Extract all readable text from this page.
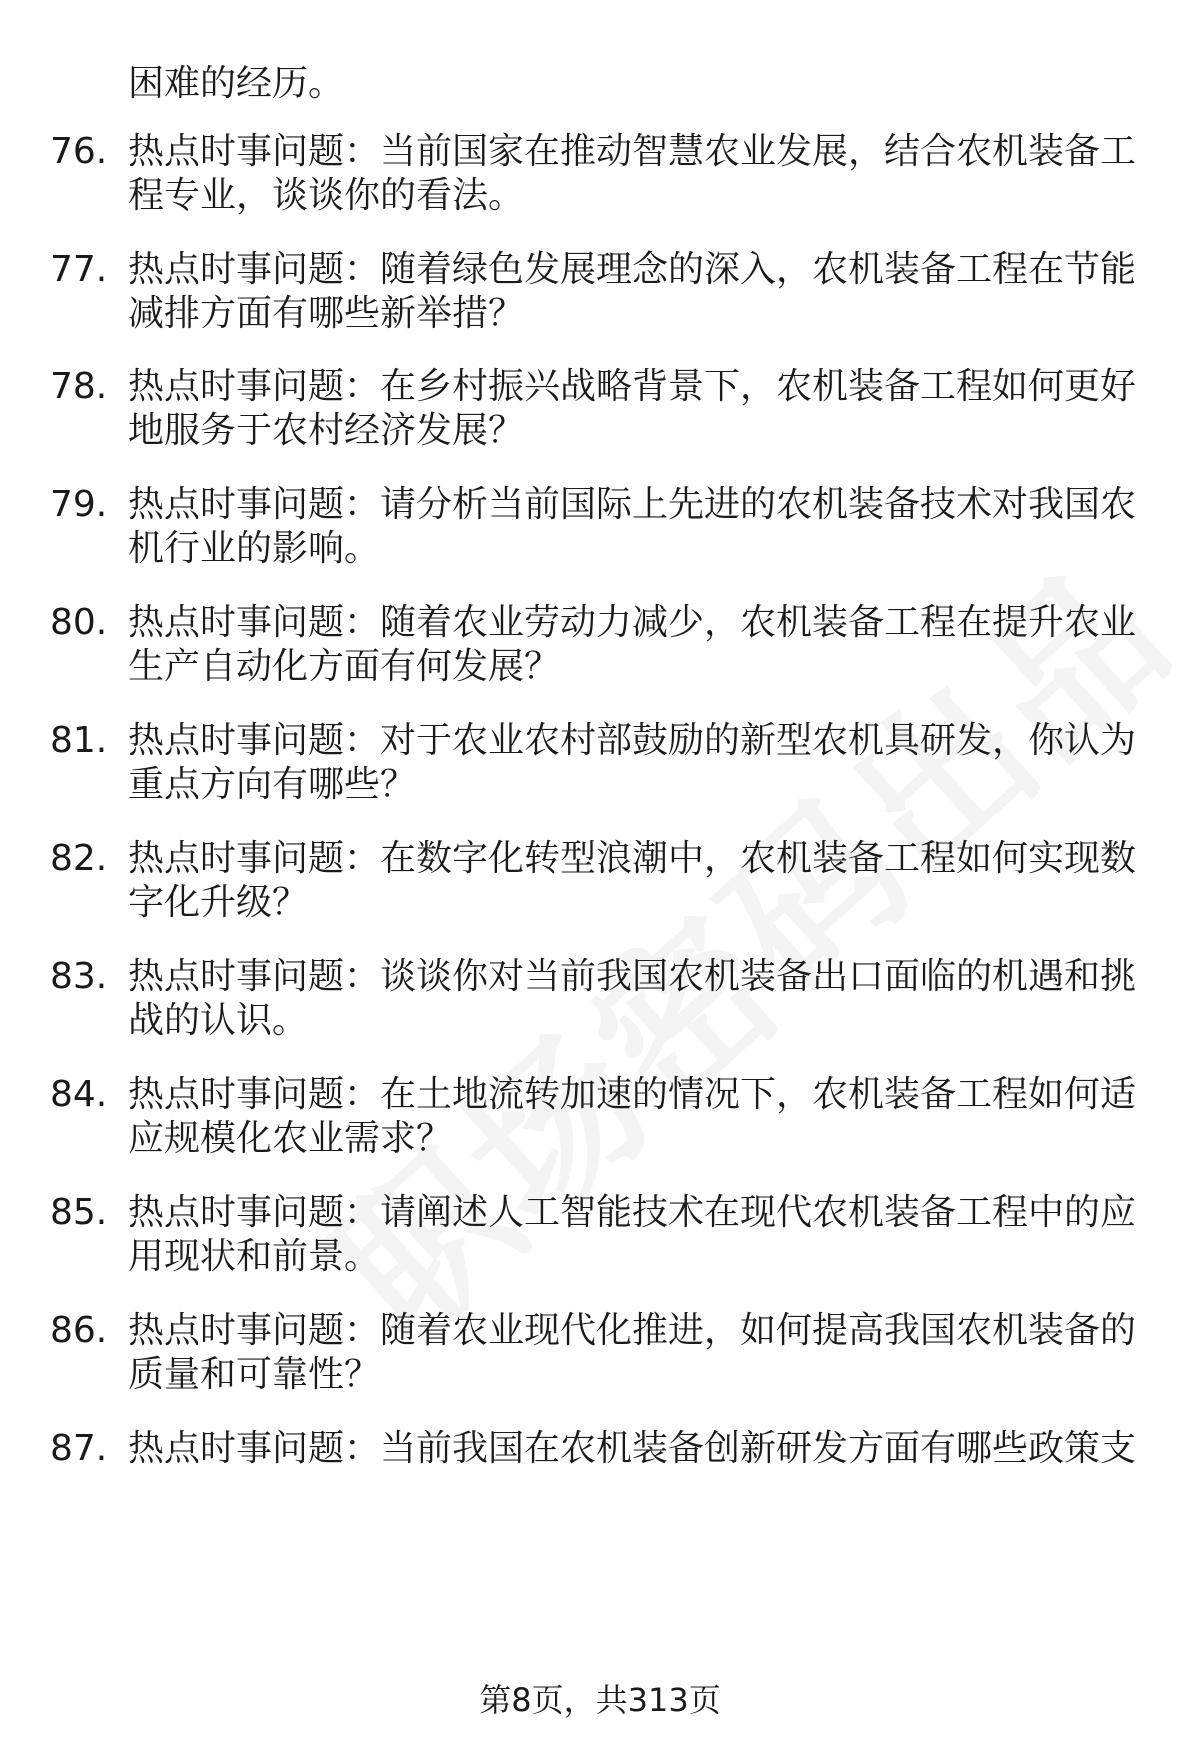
困难的经历。
76. 热点时事问题：当前国家在推动智慧农业发展，结合农机装备工
程专业，谈谈你的看法。
77. 热点时事问题：随着绿色发展理念的深入，农机装备工程在节能
减排方面有哪些新举措？
78. 热点时事问题：在乡村振兴战略背景下，农机装备工程如何更好
地服务于农村经济发展？
79. 热点时事问题：请分析当前国际上先进的农机装备技术对我国农
机行业的影响。
80. 热点时事问题：随着农业劳动力减少，农机装备工程在提升农业
生产自动化方面有何发展？
81. 热点时事问题：对于农业农村部鼓励的新型农机具研发，你认为
重点方向有哪些？
82. 热点时事问题：在数字化转型浪潮中，农机装备工程如何实现数
字化升级？
83. 热点时事问题：谈谈你对当前我国农机装备出口面临的机遇和挑
战的认识。
84. 热点时事问题：在土地流转加速的情况下，农机装备工程如何适
应规模化农业需求？
85. 热点时事问题：请阐述人工智能技术在现代农机装备工程中的应
用现状和前景。
86. 热点时事问题：随着农业现代化推进，如何提高我国农机装备的
质量和可靠性？
87. 热点时事问题：当前我国在农机装备创新研发方面有哪些政策支
第8页，共313页
